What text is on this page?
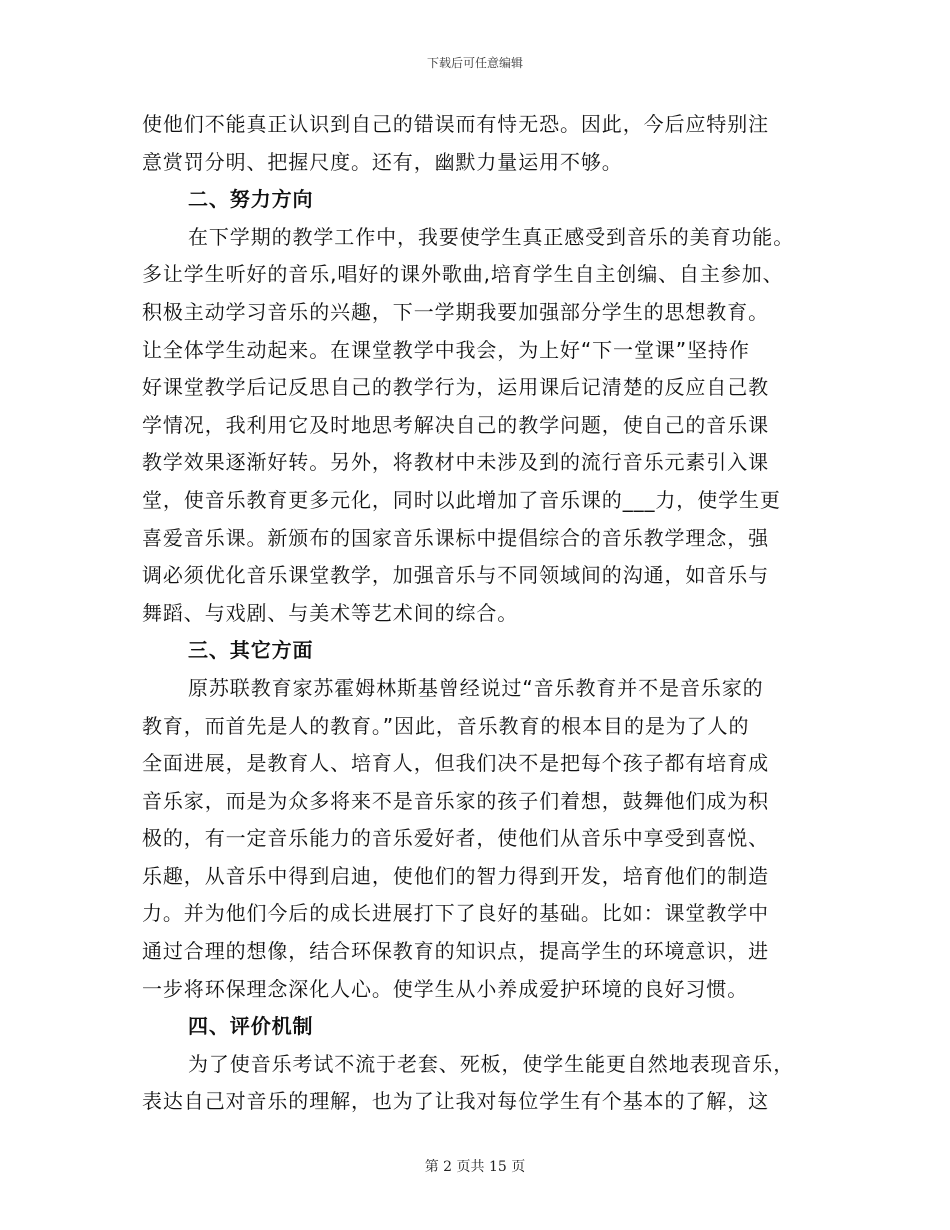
下载后可任意编辑
使他们不能真正认识到自己的错误而有恃无恐。因此，今后应特别注
意赏罚分明、把握尺度。还有，幽默力量运用不够。
二、努力方向
在下学期的教学工作中，我要使学生真正感受到音乐的美育功能。
多让学生听好的音乐,唱好的课外歌曲,培育学生自主创编、自主参加、
积极主动学习音乐的兴趣，下一学期我要加强部分学生的思想教育。
让全体学生动起来。在课堂教学中我会，为上好“下一堂课”坚持作
好课堂教学后记反思自己的教学行为，运用课后记清楚的反应自己教
学情况，我利用它及时地思考解决自己的教学问题，使自己的音乐课
教学效果逐渐好转。另外，将教材中未涉及到的流行音乐元素引入课
堂，使音乐教育更多元化，同时以此增加了音乐课的___力，使学生更
喜爱音乐课。新颁布的国家音乐课标中提倡综合的音乐教学理念，强
调必须优化音乐课堂教学，加强音乐与不同领域间的沟通，如音乐与
舞蹈、与戏剧、与美术等艺术间的综合。
三、其它方面
原苏联教育家苏霍姆林斯基曾经说过“音乐教育并不是音乐家的
教育，而首先是人的教育。”因此，音乐教育的根本目的是为了人的
全面进展，是教育人、培育人，但我们决不是把每个孩子都有培育成
音乐家，而是为众多将来不是音乐家的孩子们着想，鼓舞他们成为积
极的，有一定音乐能力的音乐爱好者，使他们从音乐中享受到喜悦、
乐趣，从音乐中得到启迪，使他们的智力得到开发，培育他们的制造
力。并为他们今后的成长进展打下了良好的基础。比如：课堂教学中
通过合理的想像，结合环保教育的知识点，提高学生的环境意识，进
一步将环保理念深化人心。使学生从小养成爱护环境的良好习惯。
四、评价机制
为了使音乐考试不流于老套、死板，使学生能更自然地表现音乐，
表达自己对音乐的理解，也为了让我对每位学生有个基本的了解，这
第 2 页共 15 页
